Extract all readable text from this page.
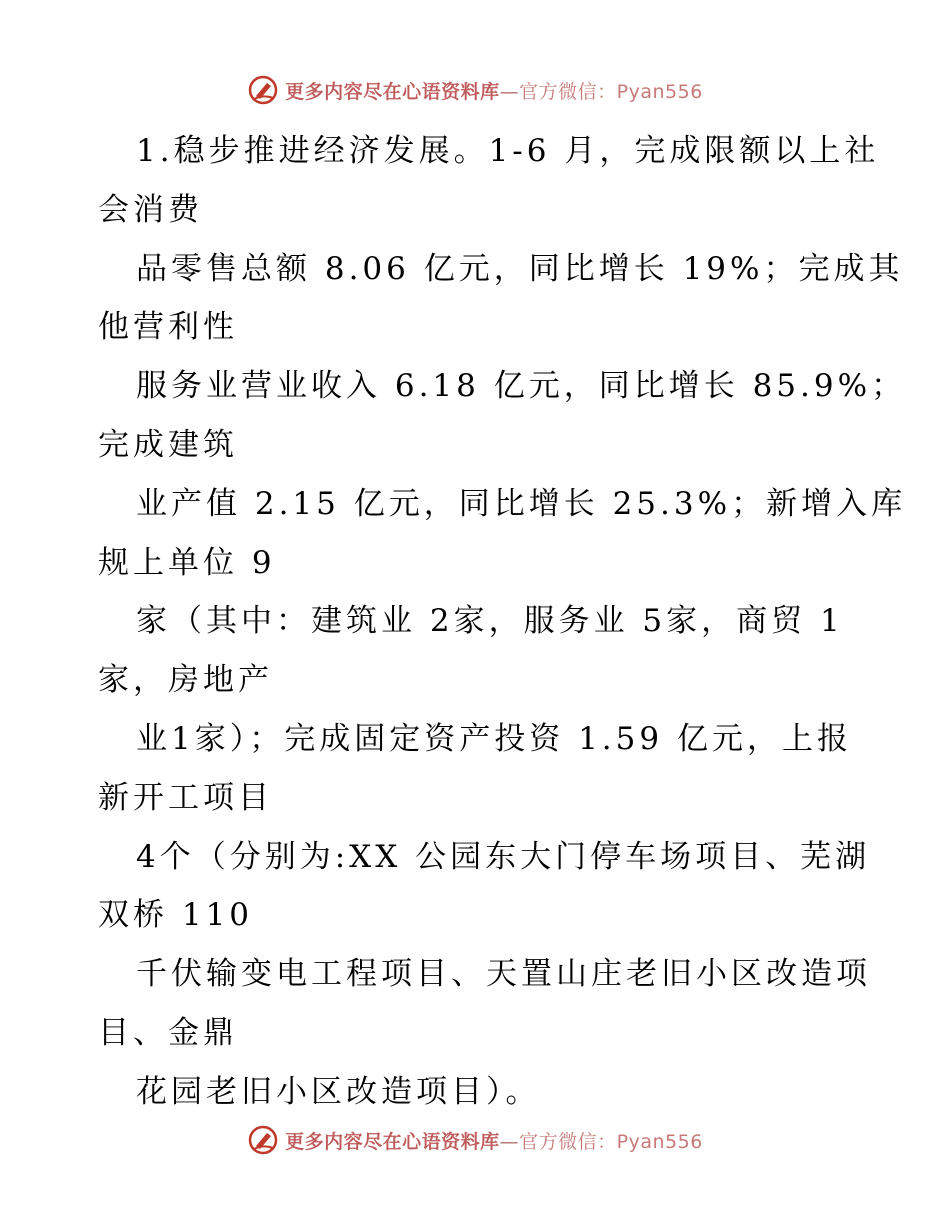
更多内容尽在心语资料库—官方微信：Pyan556
1.稳步推进经济发展。1-6 月，完成限额以上社
会消费
品零售总额 8.06 亿元，同比增长 19%；完成其
他营利性
服务业营业收入 6.18 亿元，同比增长 85.9%；
完成建筑
业产值 2.15 亿元，同比增长 25.3%；新增入库
规上单位 9
家（其中：建筑业 2家，服务业 5家，商贸 1
家，房地产
业1家）；完成固定资产投资 1.59 亿元，上报
新开工项目
4个（分别为:XX 公园东大门停车场项目、芜湖
双桥 110
千伏输变电工程项目、天置山庄老旧小区改造项
目、金鼎
花园老旧小区改造项目）。
更多内容尽在心语资料库—官方微信：Pyan556
